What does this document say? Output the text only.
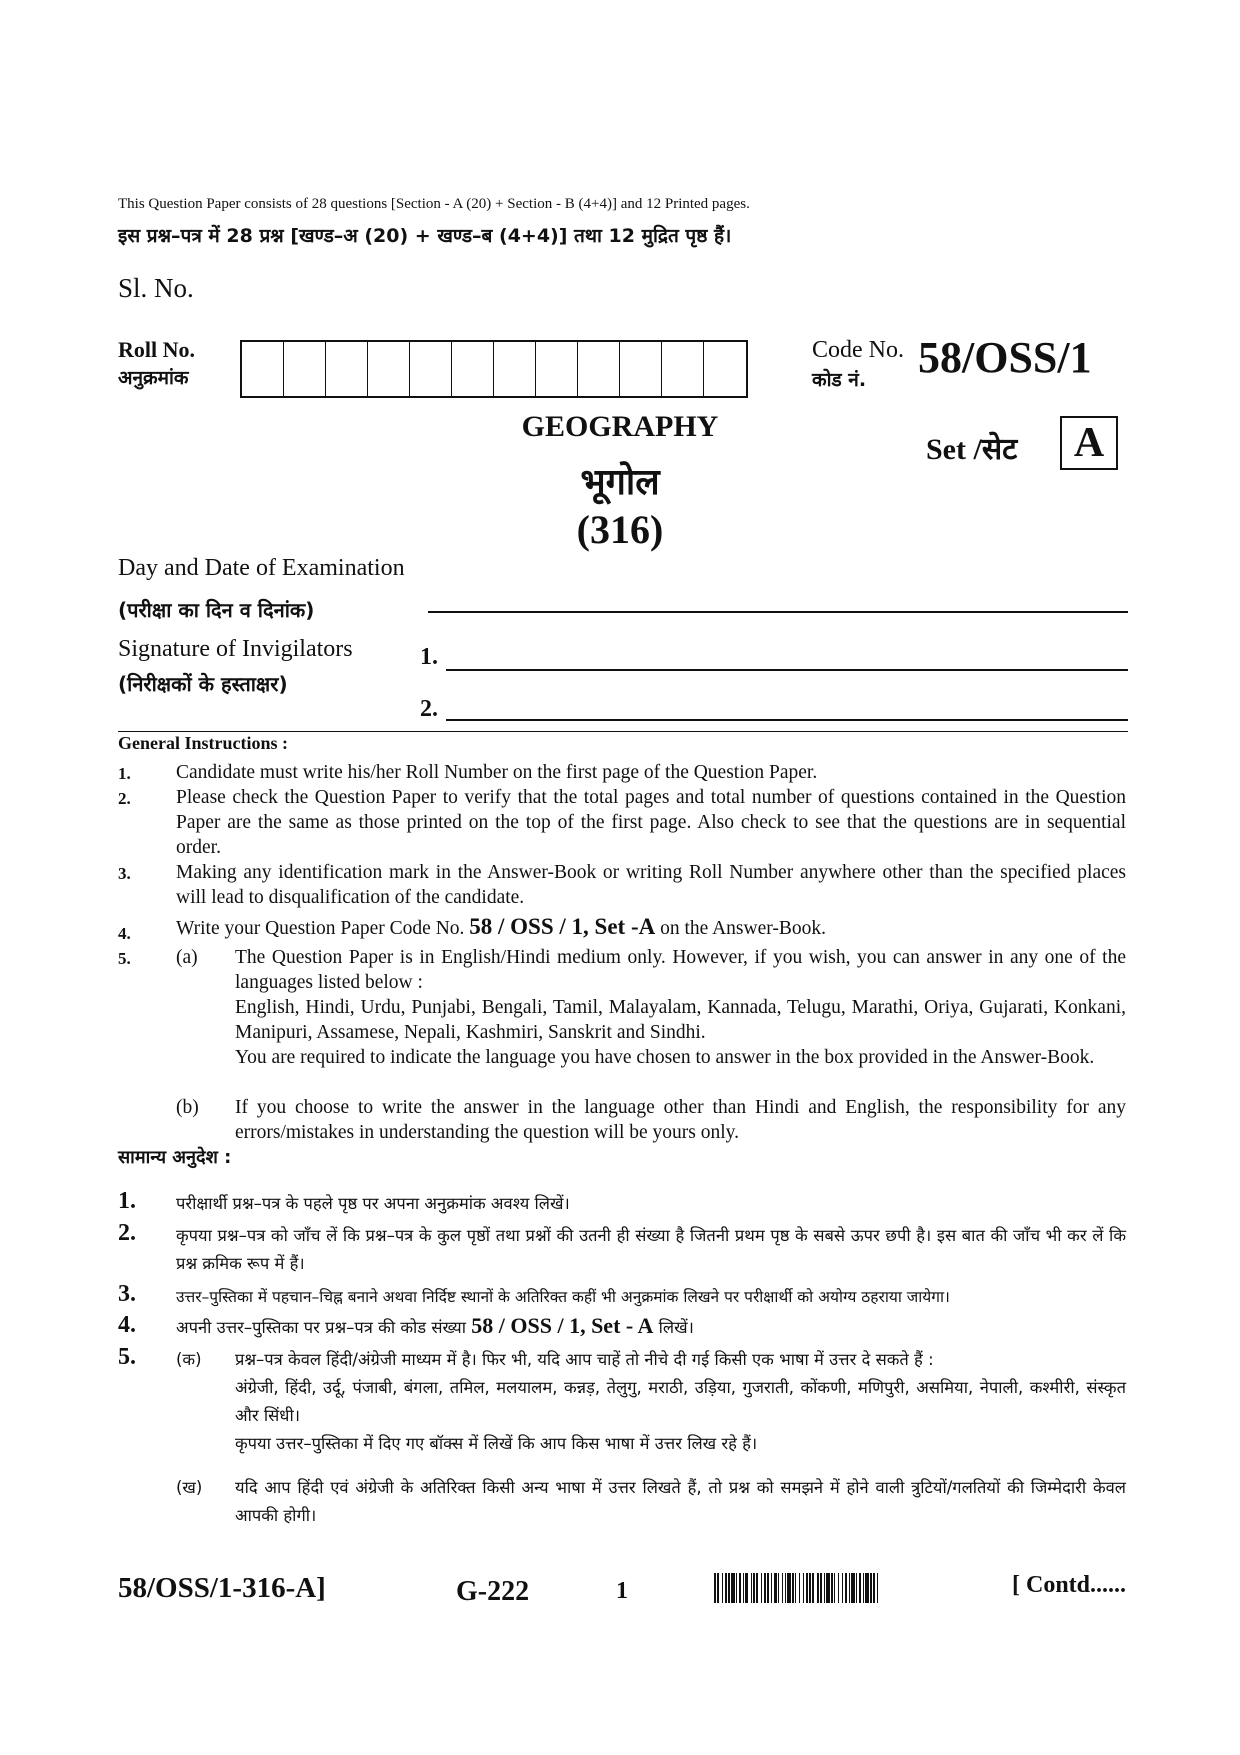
This Question Paper consists of 28 questions [Section - A (20) + Section - B (4+4)] and 12 Printed pages.
इस प्रश्न–पत्र में 28 प्रश्न [खण्ड–अ (20) + खण्ड–ब (4+4)] तथा 12 मुद्रित पृष्ठ हैं।
Sl. No.
Roll No.
अनुक्रमांक
Code No.
कोड नं. 58/OSS/1
GEOGRAPHY
भूगोल
(316)
Set /सेट	A
Day and Date of Examination
(परीक्षा का दिन व दिनांक)
Signature of Invigilators
(निरीक्षकों के हस्ताक्षर)
1.
2.
General Instructions :
1. Candidate must write his/her Roll Number on the first page of the Question Paper.
2. Please check the Question Paper to verify that the total pages and total number of questions contained in the Question Paper are the same as those printed on the top of the first page. Also check to see that the questions are in sequential order.
3. Making any identification mark in the Answer-Book or writing Roll Number anywhere other than the specified places will lead to disqualification of the candidate.
4. Write your Question Paper Code No. 58 / OSS / 1, Set -A on the Answer-Book.
5. (a) The Question Paper is in English/Hindi medium only. However, if you wish, you can answer in any one of the languages listed below :
English, Hindi, Urdu, Punjabi, Bengali, Tamil, Malayalam, Kannada, Telugu, Marathi, Oriya, Gujarati, Konkani, Manipuri, Assamese, Nepali, Kashmiri, Sanskrit and Sindhi.
You are required to indicate the language you have chosen to answer in the box provided in the Answer-Book.
(b) If you choose to write the answer in the language other than Hindi and English, the responsibility for any errors/mistakes in understanding the question will be yours only.
सामान्य अनुदेश :
1. परीक्षार्थी प्रश्न–पत्र के पहले पृष्ठ पर अपना अनुक्रमांक अवश्य लिखें।
2. कृपया प्रश्न–पत्र को जाँच लें कि प्रश्न–पत्र के कुल पृष्ठों तथा प्रश्नों की उतनी ही संख्या है जितनी प्रथम पृष्ठ के सबसे ऊपर छपी है। इस बात की जाँच भी कर लें कि प्रश्न क्रमिक रूप में हैं।
3.	उत्तर–पुस्तिका में पहचान–चिह्न बनाने अथवा निर्दिष्ट स्थानों के अतिरिक्त कहीं भी अनुक्रमांक लिखने पर परीक्षार्थी को अयोग्य ठहराया जायेगा।
4. अपनी उत्तर–पुस्तिका पर प्रश्न–पत्र की कोड संख्या 58 / OSS / 1, Set - A लिखें।
5. (क) प्रश्न–पत्र केवल हिंदी/अंग्रेजी माध्यम में है। फिर भी, यदि आप चाहें तो नीचे दी गई किसी एक भाषा में उत्तर दे सकते हैं :
अंग्रेजी, हिंदी, उर्दू, पंजाबी, बंगला, तमिल, मलयालम, कन्नड़, तेलुगु, मराठी, उड़िया, गुजराती, कोंकणी, मणिपुरी, असमिया, नेपाली, कश्मीरी, संस्कृत और सिंधी।
कृपया उत्तर–पुस्तिका में दिए गए बॉक्स में लिखें कि आप किस भाषा में उत्तर लिख रहे हैं।
(ख) यदि आप हिंदी एवं अंग्रेजी के अतिरिक्त किसी अन्य भाषा में उत्तर लिखते हैं, तो प्रश्न को समझने में होने वाली त्रुटियों/गलतियों की जिम्मेदारी केवल आपकी होगी।
58/OSS/1-316-A]	G-222	1	[ Contd......
